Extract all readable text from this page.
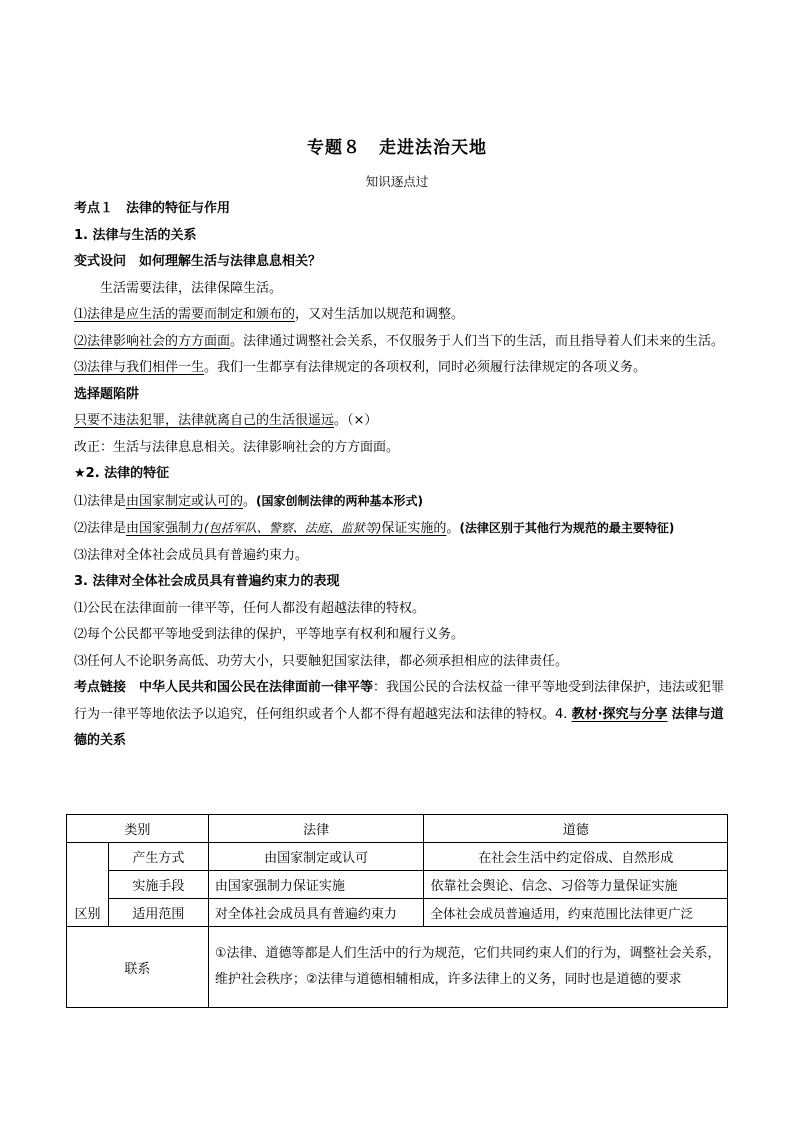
专题８　走进法治天地
知识逐点过

考点１　法律的特征与作用

1. 法律与生活的关系

变式设问　 如何理解生活与法律息息相关？

生活需要法律，法律保障生活。

⑴法律是应生活的需要而制定和颁布的，又对生活加以规范和调整。

⑵法律影响社会的方方面面。法律通过调整社会关系，不仅服务于人们当下的生活，而且指导着人们未来的生活。

⑶法律与我们相伴一生。我们一生都享有法律规定的各项权利，同时必须履行法律规定的各项义务。

选择题陷阱

只要不违法犯罪，法律就离自己的生活很遥远。（×）

改正：生活与法律息息相关。法律影响社会的方方面面。

★2. 法律的特征

⑴法律是由国家制定或认可的。(国家创制法律的两种基本形式)

⑵法律是由国家强制力(包括军队、警察、法庭、监狱等)保证实施的。(法律区别于其他行为规范的最主要特征)

⑶法律对全体社会成员具有普遍约束力。

3. 法律对全体社会成员具有普遍约束力的表现

⑴公民在法律面前一律平等，任何人都没有超越法律的特权。

⑵每个公民都平等地受到法律的保护，平等地享有权利和履行义务。

⑶任何人不论职务高低、功劳大小，只要触犯国家法律，都必须承担相应的法律责任。

考点链接　 中华人民共和国公民在法律面前一律平等：我国公民的合法权益一律平等地受到法律保护，违法或犯罪行为一律平等地依法予以追究，任何组织或者个人都不得有超越宪法和法律的特权。4. 教材·探究与分享 法律与道德的关系

类别		法律	道德
区别	产生方式	由国家制定或认可	在社会生活中约定俗成、自然形成
	实施手段	由国家强制力保证实施	依靠社会舆论、信念、习俗等力量保证实施
	适用范围	对全体社会成员具有普遍约束力	全体社会成员普遍适用，约束范围比法律更广泛
联系		①法律、道德等都是人们生活中的行为规范，它们共同约束人们的行为，调整社会关系，维护社会秩序；②法律与道德相辅相成，许多法律上的义务，同时也是道德的要求	
